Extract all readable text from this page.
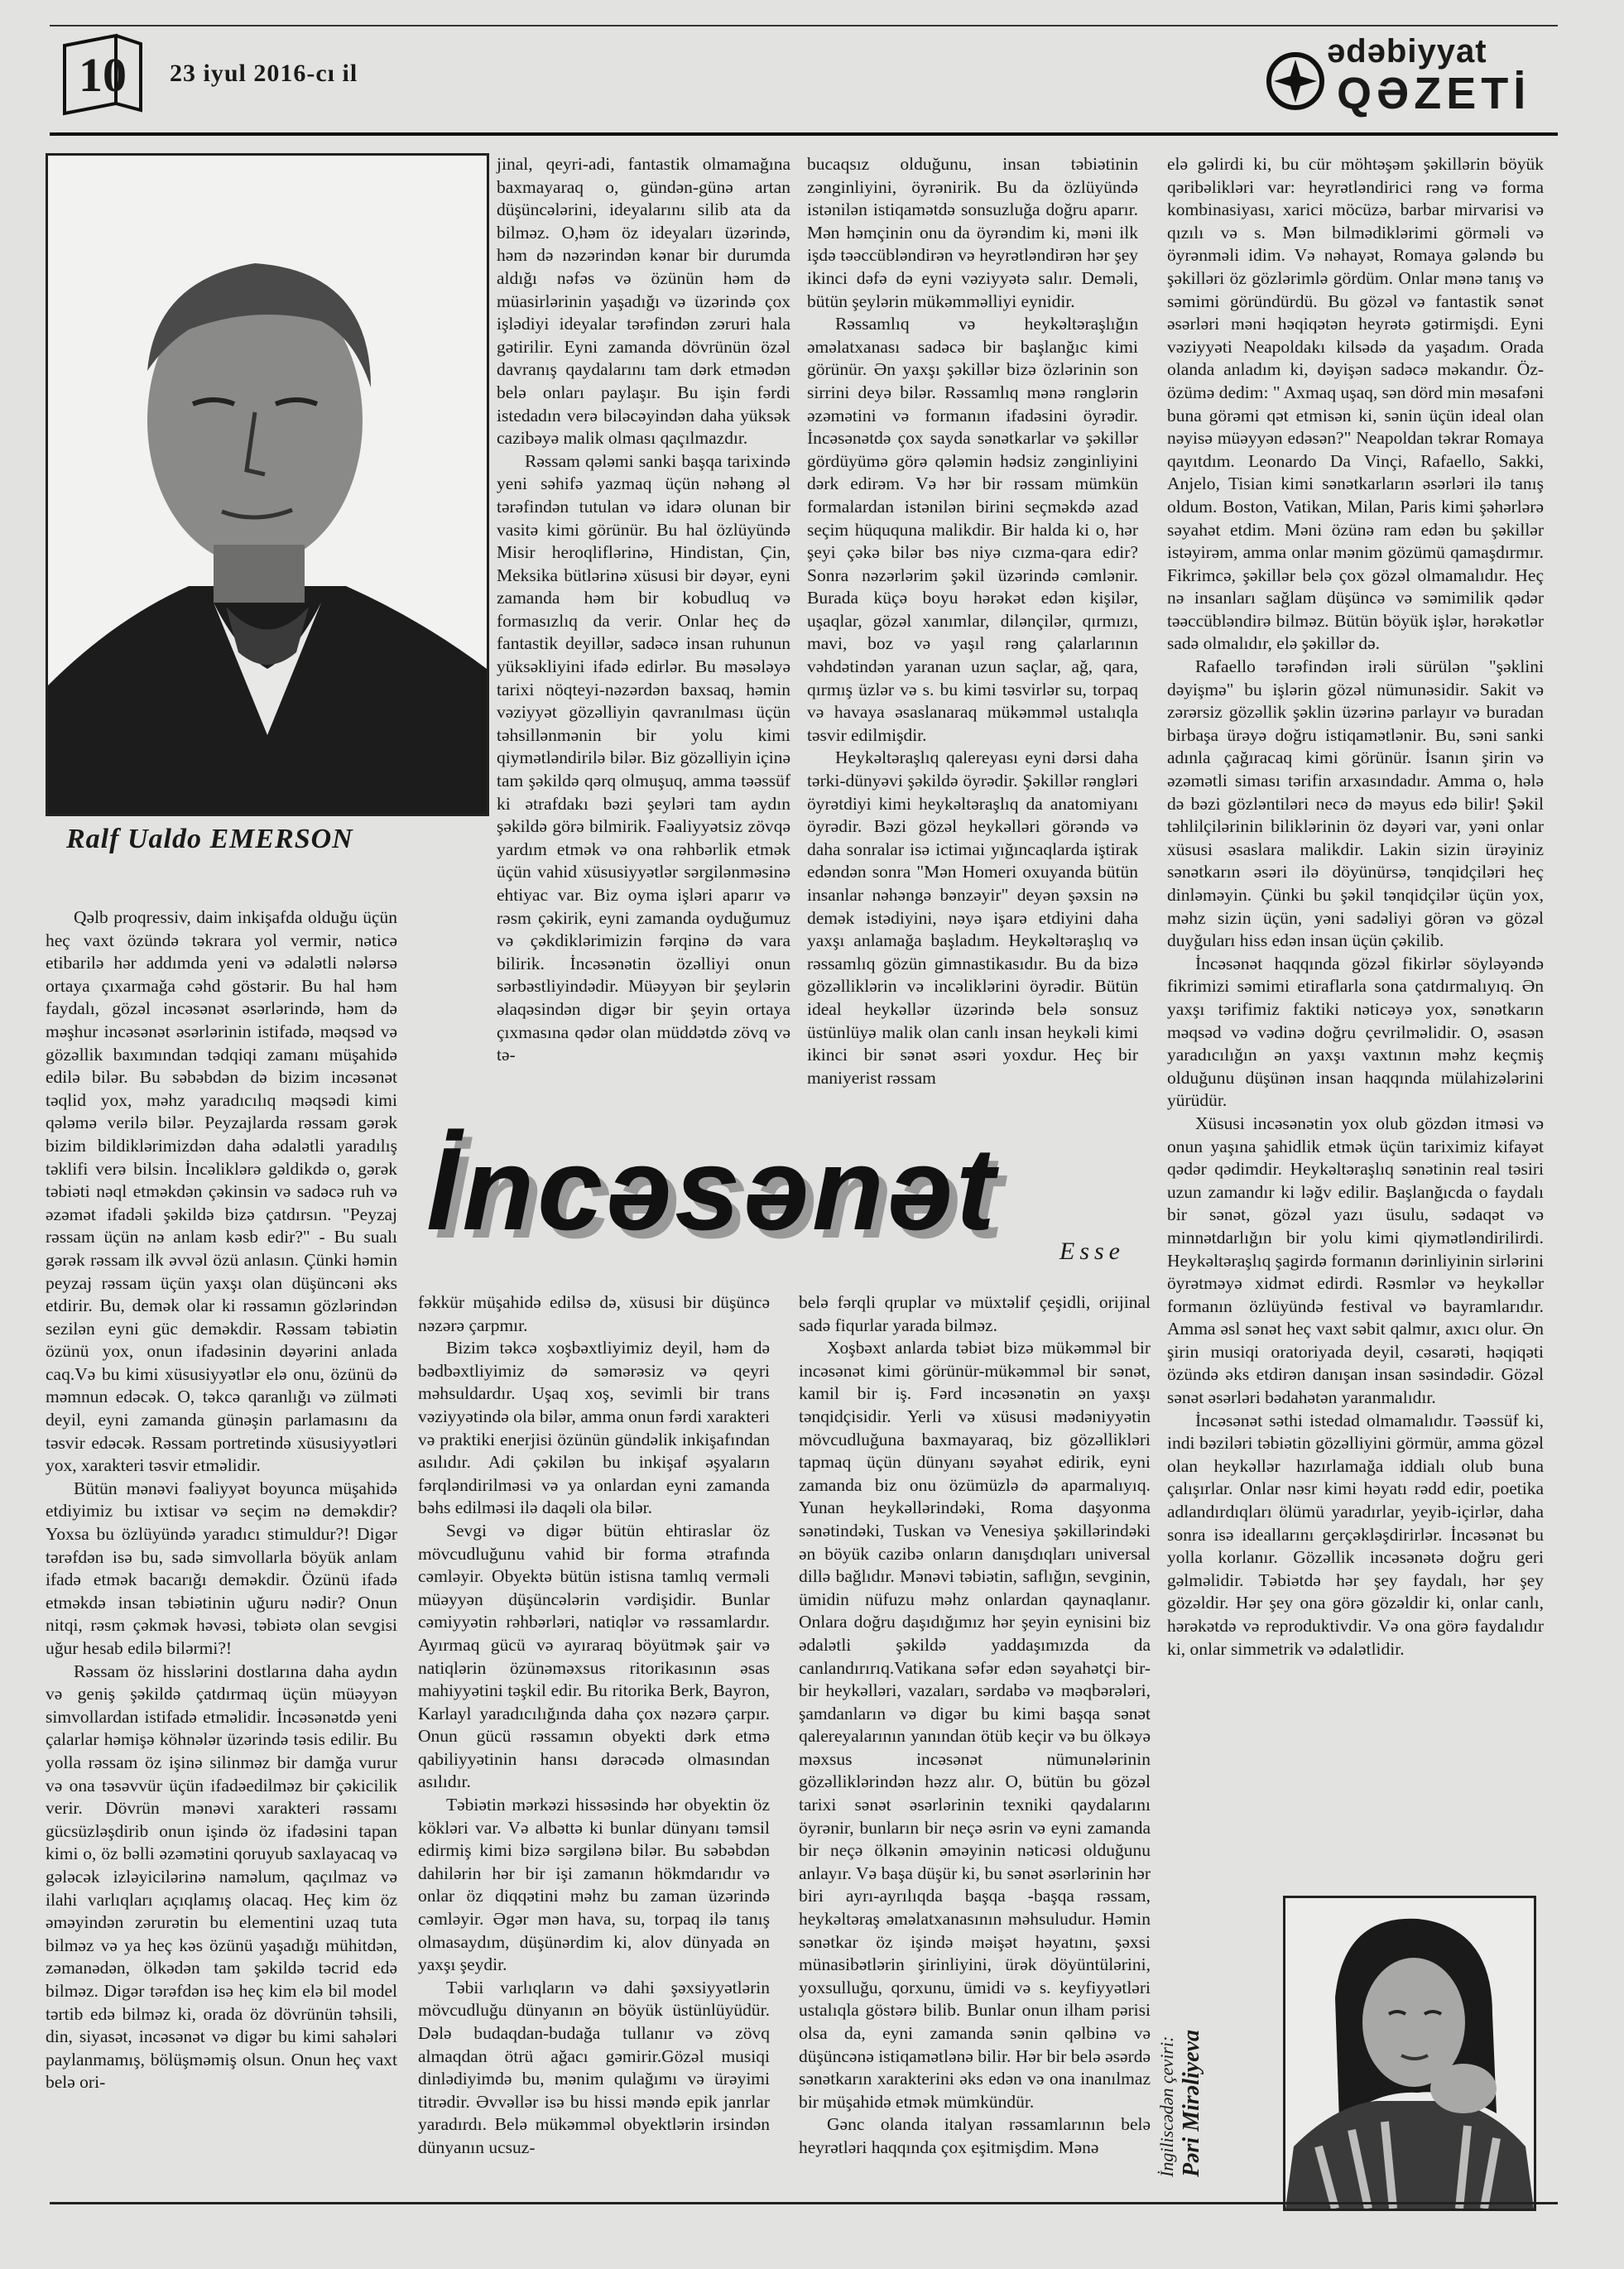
10 23 iyul 2016-cı il
ədəbiyyat
QƏZETİ
Ralf Ualdo EMERSON

Qəlb proqressiv, daim inkişafda olduğu üçün heç vaxt özündə təkrara yol vermir, nəticə etibarilə hər addımda yeni və ədalətli nələrsə ortaya çıxarmağa cəhd göstərir. Bu hal həm faydalı, gözəl incəsənət əsərlərində, həm də məşhur incəsənət əsərlərinin istifadə, məqsəd və gözəllik baxımından tədqiqi zamanı müşahidə edilə bilər. Bu səbəbdən də bizim incəsənət təqlid yox, məhz yaradıcılıq məqsədi kimi qələmə verilə bilər. Peyzajlarda rəssam gərək bizim bildiklərimizdən daha ədalətli yaradılış təklifi verə bilsin. İncəliklərə gəldikdə o, gərək təbiəti nəql etməkdən çəkinsin və sadəcə ruh və əzəmət ifadəli şəkildə bizə çatdırsın. "Peyzaj rəssam üçün nə anlam kəsb edir?" - Bu sualı gərək rəssam ilk əvvəl özü anlasın. Çünki həmin peyzaj rəssam üçün yaxşı olan düşüncəni əks etdirir. Bu, demək olar ki rəssamın gözlərindən sezilən eyni güc deməkdir. Rəssam təbiətin özünü yox, onun ifadəsinin dəyərini anlada caq.Və bu kimi xüsusiyyətlər elə onu, özünü də məmnun edəcək. O, təkcə qaranlığı və zülməti deyil, eyni zamanda günəşin parlamasını da təsvir edəcək. Rəssam portretində xüsusiyyətləri yox, xarakteri təsvir etməlidir.

Bütün mənəvi fəaliyyət boyunca müşahidə etdiyimiz bu ixtisar və seçim nə deməkdir? Yoxsa bu özlüyündə yaradıcı stimuldur?! Digər tərəfdən isə bu, sadə simvollarla böyük anlam ifadə etmək bacarığı deməkdir. Özünü ifadə etməkdə insan təbiətinin uğuru nədir? Onun nitqi, rəsm çəkmək həvəsi, təbiətə olan sevgisi uğur hesab edilə bilərmi?!

Rəssam öz hisslərini dostlarına daha aydın və geniş şəkildə çatdırmaq üçün müəyyən simvollardan istifadə etməlidir. İncəsənətdə yeni çalarlar həmişə köhnələr üzərində təsis edilir. Bu yolla rəssam öz işinə silinməz bir damğa vurur və ona təsəvvür üçün ifadəedilməz bir çəkicilik verir. Dövrün mənəvi xarakteri rəssamı gücsüzləşdirib onun işində öz ifadəsini tapan kimi o, öz bəlli əzəmətini qoruyub saxlayacaq və gələcək izləyicilərinə naməlum, qaçılmaz və ilahi varlıqları açıqlamış olacaq. Heç kim öz əməyindən zərurətin bu elementini uzaq tuta bilməz və ya heç kəs özünü yaşadığı mühitdən, zəmanədən, ölkədən tam şəkildə təcrid edə bilməz. Digər tərəfdən isə heç kim elə bil model tərtib edə bilməz ki, orada öz dövrünün təhsili, din, siyasət, incəsənət və digər bu kimi sahələri paylanmamış, bölüşməmiş olsun. Onun heç vaxt belə ori-

jinal, qeyri-adi, fantastik olmamağına baxmayaraq o, gündən-günə artan düşüncələrini, ideyalarını silib ata da bilməz. O,həm öz ideyaları üzərində, həm də nəzərindən kənar bir durumda aldığı nəfəs və özünün həm də müasirlərinin yaşadığı və üzərində çox işlədiyi ideyalar tərəfindən zəruri hala gətirilir. Eyni zamanda dövrünün özəl davranış qaydalarını tam dərk etmədən belə onları paylaşır. Bu işin fərdi istedadın verə biləcəyindən daha yüksək cazibəyə malik olması qaçılmazdır.

Rəssam qələmi sanki başqa tarixində yeni səhifə yazmaq üçün nəhəng əl tərəfindən tutulan və idarə olunan bir vasitə kimi görünür. Bu hal özlüyündə Misir heroqliflərinə, Hindistan, Çin, Meksika bütlərinə xüsusi bir dəyər, eyni zamanda həm bir kobudluq və formasızlıq da verir. Onlar heç də fantastik deyillər, sadəcə insan ruhunun yüksəkliyini ifadə edirlər. Bu məsələyə tarixi nöqteyi-nəzərdən baxsaq, həmin vəziyyət gözəlliyin qavranılması üçün təhsillənmənin bir yolu kimi qiymətləndirilə bilər. Biz gözəlliyin içinə tam şəkildə qərq olmuşuq, amma təəssüf ki ətrafdakı bəzi şeyləri tam aydın şəkildə görə bilmirik. Fəaliyyətsiz zövqə yardım etmək və ona rəhbərlik etmək üçün vahid xüsusiyyətlər sərgilənməsinə ehtiyac var. Biz oyma işləri aparır və rəsm çəkirik, eyni zamanda oyduğumuz və çəkdiklərimizin fərqinə də vara bilirik. İncəsənətin özəlliyi onun sərbəstliyindədir. Müəyyən bir şeylərin əlaqəsindən digər bir şeyin ortaya çıxmasına qədər olan müddətdə zövq və tə-

bucaqsız olduğunu, insan təbiətinin zənginliyini, öyrənirik. Bu da özlüyündə istənilən istiqamətdə sonsuzluğa doğru aparır. Mən həmçinin onu da öyrəndim ki, məni ilk işdə təəccübləndirən və heyrətləndirən hər şey ikinci dəfə də eyni vəziyyətə salır. Deməli, bütün şeylərin mükəmməlliyi eynidir.

Rəssamlıq və heykəltəraşlığın əməlatxanası sadəcə bir başlanğıc kimi görünür. Ən yaxşı şəkillər bizə özlərinin son sirrini deyə bilər. Rəssamlıq mənə rənglərin əzəmətini və formanın ifadəsini öyrədir. İncəsənətdə çox sayda sənətkarlar və şəkillər gördüyümə görə qələmin hədsiz zənginliyini dərk edirəm. Və hər bir rəssam mümkün formalardan istənilən birini seçməkdə azad seçim hüququna malikdir. Bir halda ki o, hər şeyi çəkə bilər bəs niyə cızma-qara edir? Sonra nəzərlərim şəkil üzərində cəmlənir. Burada küçə boyu hərəkət edən kişilər, uşaqlar, gözəl xanımlar, dilənçilər, qırmızı, mavi, boz və yaşıl rəng çalarlarının vəhdətindən yaranan uzun saçlar, ağ, qara, qırmış üzlər və s. bu kimi təsvirlər su, torpaq və havaya əsaslanaraq mükəmməl ustalıqla təsvir edilmişdir.

Heykəltəraşlıq qalereyası eyni dərsi daha tərki-dünyəvi şəkildə öyrədir. Şəkillər rəngləri öyrətdiyi kimi heykəltəraşlıq da anatomiyanı öyrədir. Bəzi gözəl heykəlləri görəndə və daha sonralar isə ictimai yığıncaqlarda iştirak edəndən sonra "Mən Homeri oxuyanda bütün insanlar nəhəngə bənzəyir" deyən şəxsin nə demək istədiyini, nəyə işarə etdiyini daha yaxşı anlamağa başladım. Heykəltəraşlıq və rəssamlıq gözün gimnastikasıdır. Bu da bizə gözəlliklərin və incəliklərini öyrədir. Bütün ideal heykəllər üzərində belə sonsuz üstünlüyə malik olan canlı insan heykəli kimi ikinci bir sənət əsəri yoxdur. Heç bir maniyerist rəssam

elə gəlirdi ki, bu cür möhtəşəm şəkillərin böyük qəribəlikləri var: heyrətləndirici rəng və forma kombinasiyası, xarici möcüzə, barbar mirvarisi və qızılı və s. Mən bilmədiklərimi görməli və öyrənməli idim. Və nəhayət, Romaya gələndə bu şəkilləri öz gözlərimlə gördüm. Onlar mənə tanış və səmimi göründürdü. Bu gözəl və fantastik sənət əsərləri məni həqiqətən heyrətə gətirmişdi. Eyni vəziyyəti Neapoldakı kilsədə da yaşadım. Orada olanda anladım ki, dəyişən sadəcə məkandır. Öz-özümə dedim: " Axmaq uşaq, sən dörd min məsafəni buna görəmi qət etmisən ki, sənin üçün ideal olan nəyisə müəyyən edəsən?" Neapoldan təkrar Romaya qayıtdım. Leonardo Da Vinçi, Rafaello, Sakki, Anjelo, Tisian kimi sənətkarların əsərləri ilə tanış oldum. Boston, Vatikan, Milan, Paris kimi şəhərlərə səyahət etdim. Məni özünə ram edən bu şəkillər istəyirəm, amma onlar mənim gözümü qamaşdırmır. Fikrimcə, şəkillər belə çox gözəl olmamalıdır. Heç nə insanları sağlam düşüncə və səmimilik qədər təəccübləndirə bilməz. Bütün böyük işlər, hərəkətlər sadə olmalıdır, elə şəkillər də.

Rafaello tərəfindən irəli sürülən "şəklini dəyişmə" bu işlərin gözəl nümunəsidir. Sakit və zərərsiz gözəllik şəklin üzərinə parlayır və buradan birbaşa ürəyə doğru istiqamətlənir. Bu, səni sanki adınla çağıracaq kimi görünür. İsanın şirin və əzəmətli siması tərifin arxasındadır. Amma o, hələ də bəzi gözləntiləri necə də məyus edə bilir! Şəkil təhlilçilərinin biliklərinin öz dəyəri var, yəni onlar xüsusi əsaslara malikdir. Lakin sizin ürəyiniz sənətkarın əsəri ilə döyünürsə, tənqidçiləri heç dinləməyin. Çünki bu şəkil tənqidçilər üçün yox, məhz sizin üçün, yəni sadəliyi görən və gözəl duyğuları hiss edən insan üçün çəkilib.

İncəsənət haqqında gözəl fikirlər söyləyəndə fikrimizi səmimi etiraflarla sona çatdırmalıyıq. Ən yaxşı tərifimiz faktiki nəticəyə yox, sənətkarın məqsəd və vədinə doğru çevrilməlidir. O, əsasən yaradıcılığın ən yaxşı vaxtının məhz keçmiş olduğunu düşünən insan haqqında mülahizələrini yürüdür.

Xüsusi incəsənətin yox olub gözdən itməsi və onun yaşına şahidlik etmək üçün tariximiz kifayət qədər qədimdir. Heykəltəraşlıq sənətinin real təsiri uzun zamandır ki ləğv edilir. Başlanğıcda o faydalı bir sənət, gözəl yazı üsulu, sədaqət və minnətdarlığın bir yolu kimi qiymətləndirilirdi. Heykəltəraşlıq şagirdə formanın dərinliyinin sirlərini öyrətməyə xidmət edirdi. Rəsmlər və heykəllər formanın özlüyündə festival və bayramlarıdır. Amma əsl sənət heç vaxt səbit qalmır, axıcı olur. Ən şirin musiqi oratoriyada deyil, cəsarəti, həqiqəti özündə əks etdirən danışan insan səsindədir. Gözəl sənət əsərləri bədahətən yaranmalıdır.

İncəsənət səthi istedad olmamalıdır. Təəssüf ki, indi bəziləri təbiətin gözəlliyini görmür, amma gözəl olan heykəllər hazırlamağa iddialı olub buna çalışırlar. Onlar nəsr kimi həyatı rədd edir, poetika adlandırdıqları ölümü yaradırlar, yeyib-içirlər, daha sonra isə ideallarını gerçəkləşdirirlər. İncəsənət bu yolla korlanır. Gözəllik incəsənətə doğru geri gəlməlidir. Təbiətdə hər şey faydalı, hər şey gözəldir. Hər şey ona görə gözəldir ki, onlar canlı, hərəkətdə və reproduktivdir. Və ona görə faydalıdır ki, onlar simmetrik və ədalətlidir.

İncəsənət Esse

fəkkür müşahidə edilsə də, xüsusi bir düşüncə nəzərə çarpmır.

Bizim təkcə xoşbəxtliyimiz deyil, həm də bədbəxtliyimiz də səmərəsiz və qeyri məhsuldardır. Uşaq xoş, sevimli bir trans vəziyyətində ola bilər, amma onun fərdi xarakteri və praktiki enerjisi özünün gündəlik inkişafından asılıdır. Adi çəkilən bu inkişaf əşyaların fərqləndirilməsi və ya onlardan eyni zamanda bəhs edilməsi ilə daqəli ola bilər.

Sevgi və digər bütün ehtiraslar öz mövcudluğunu vahid bir forma ətrafında cəmləyir. Obyektə bütün istisna tamlıq verməli müəyyən düşüncələrin vərdişidir. Bunlar cəmiyyətin rəhbərləri, natiqlər və rəssamlardır. Ayırmaq gücü və ayıraraq böyütmək şair və natiqlərin özünəməxsus ritorikasının əsas mahiyyətini təşkil edir. Bu ritorika Berk, Bayron, Karlayl yaradıcılığında daha çox nəzərə çarpır. Onun gücü rəssamın obyekti dərk etmə qabiliyyətinin hansı dərəcədə olmasından asılıdır.

Təbiətin mərkəzi hissəsində hər obyektin öz kökləri var. Və albəttə ki bunlar dünyanı təmsil edirmiş kimi bizə sərgilənə bilər. Bu səbəbdən dahilərin hər bir işi zamanın hökmdarıdır və onlar öz diqqətini məhz bu zaman üzərində cəmləyir. Əgər mən hava, su, torpaq ilə tanış olmasaydım, düşünərdim ki, alov dünyada ən yaxşı şeydir.

Təbii varlıqların və dahi şəxsiyyətlərin mövcudluğu dünyanın ən böyük üstünlüyüdür. Dələ budaqdan-budağa tullanır və zövq almaqdan ötrü ağacı gəmirir.Gözəl musiqi dinlədiyimdə bu, mənim qulağımı və ürəyimi titrədir. Əvvəllər isə bu hissi məndə epik janrlar yaradırdı. Belə mükəmməl obyektlərin irsindən dünyanın ucsuz-

belə fərqli qruplar və müxtəlif çeşidli, orijinal sadə fiqurlar yarada bilməz.

Xoşbəxt anlarda təbiət bizə mükəmməl bir incəsənət kimi görünür-mükəmməl bir sənət, kamil bir iş. Fərd incəsənətin ən yaxşı tənqidçisidir. Yerli və xüsusi mədəniyyətin mövcudluğuna baxmayaraq, biz gözəllikləri tapmaq üçün dünyanı səyahət edirik, eyni zamanda biz onu özümüzlə də aparmalıyıq. Yunan heykəllərindəki, Roma daşyonma sənətindəki, Tuskan və Venesiya şəkillərindəki ən böyük cazibə onların danışdıqları universal dillə bağlıdır. Mənəvi təbiətin, saflığın, sevginin, ümidin nüfuzu məhz onlardan qaynaqlanır. Onlara doğru daşıdığımız hər şeyin eynisini biz ədalətli şəkildə yaddaşımızda da canlandırırıq.Vatikana səfər edən səyahətçi bir-bir heykəlləri, vazaları, sərdabə və məqbərələri, şamdanların və digər bu kimi başqa sənət qalereyalarının yanından ötüb keçir və bu ölkəyə məxsus incəsənət nümunələrinin gözəlliklərindən həzz alır. O, bütün bu gözəl tarixi sənət əsərlərinin texniki qaydalarını öyrənir, bunların bir neçə əsrin və eyni zamanda bir neçə ölkənin əməyinin nəticəsi olduğunu anlayır. Və başa düşür ki, bu sənət əsərlərinin hər biri ayrı-ayrılıqda başqa -başqa rəssam, heykəltəraş əməlatxanasının məhsuludur. Həmin sənətkar öz işində məişət həyatını, şəxsi münasibətlərin şirinliyini, ürək döyüntülərini, yoxsulluğu, qorxunu, ümidi və s. keyfiyyətləri ustalıqla göstərə bilib. Bunlar onun ilham pərisi olsa da, eyni zamanda sənin qəlbinə və düşüncənə istiqamətlənə bilir. Hər bir belə əsərdə sənətkarın xarakterini əks edən və ona inanılmaz bir müşahidə etmək mümkündür.

Gənc olanda italyan rəssamlarının belə heyrətləri haqqında çox eşitmişdim. Mənə	İngiliscədən çeviri: Pəri Mirəliyeva
